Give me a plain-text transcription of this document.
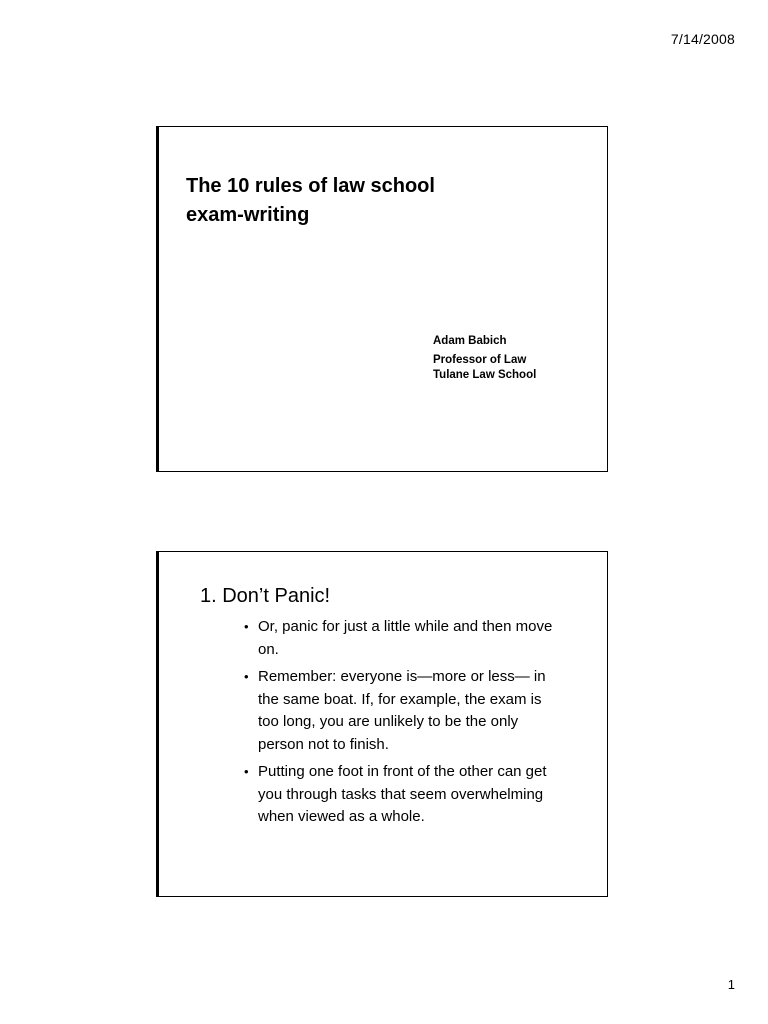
7/14/2008
The 10 rules of law school
exam-writing
Adam Babich
Professor of Law
Tulane Law School
1. Don’t Panic!
• Or, panic for just a little while and then move on.
• Remember: everyone is—more or less— in the same boat. If, for example, the exam is too long, you are unlikely to be the only person not to finish.
• Putting one foot in front of the other can get you through tasks that seem overwhelming when viewed as a whole.
1
